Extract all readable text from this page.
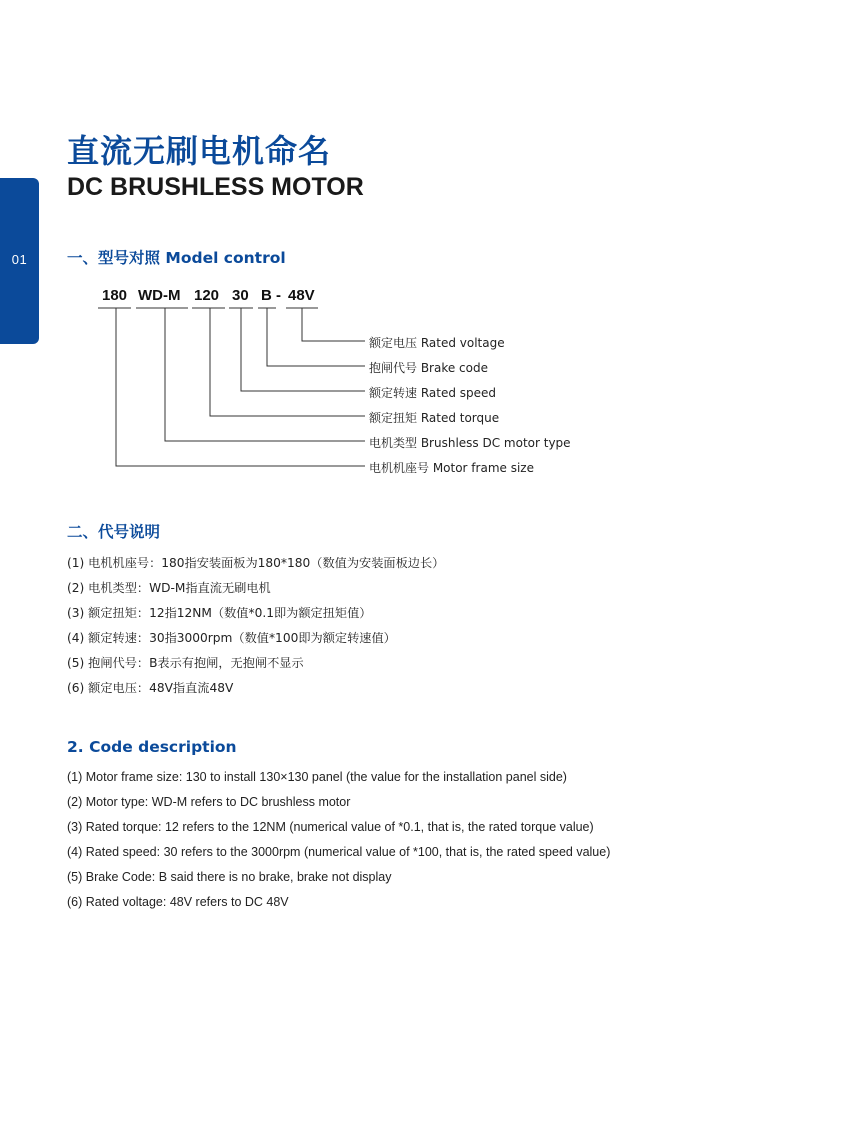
01
直流无刷电机命名
DC BRUSHLESS MOTOR
一、型号对照 Model control
180 WD-M 120 30 B - 48V
额定电压 Rated voltage
抱闸代号 Brake code
额定转速 Rated speed
额定扭矩 Rated torque
电机类型 Brushless DC motor type
电机机座号 Motor frame size
二、代号说明
(1) 电机机座号：180指安装面板为180*180（数值为安装面板边长）
(2) 电机类型：WD-M指直流无刷电机
(3) 额定扭矩：12指12NM（数值*0.1即为额定扭矩值）
(4) 额定转速：30指3000rpm（数值*100即为额定转速值）
(5) 抱闸代号：B表示有抱闸，无抱闸不显示
(6) 额定电压：48V指直流48V
2. Code description
(1) Motor frame size: 130 to install 130×130 panel (the value for the installation panel side)
(2) Motor type: WD-M refers to DC brushless motor
(3) Rated torque: 12 refers to the 12NM (numerical value of *0.1, that is, the rated torque value)
(4) Rated speed: 30 refers to the 3000rpm (numerical value of *100, that is, the rated speed value)
(5) Brake Code: B said there is no brake, brake not display
(6) Rated voltage: 48V refers to DC 48V
